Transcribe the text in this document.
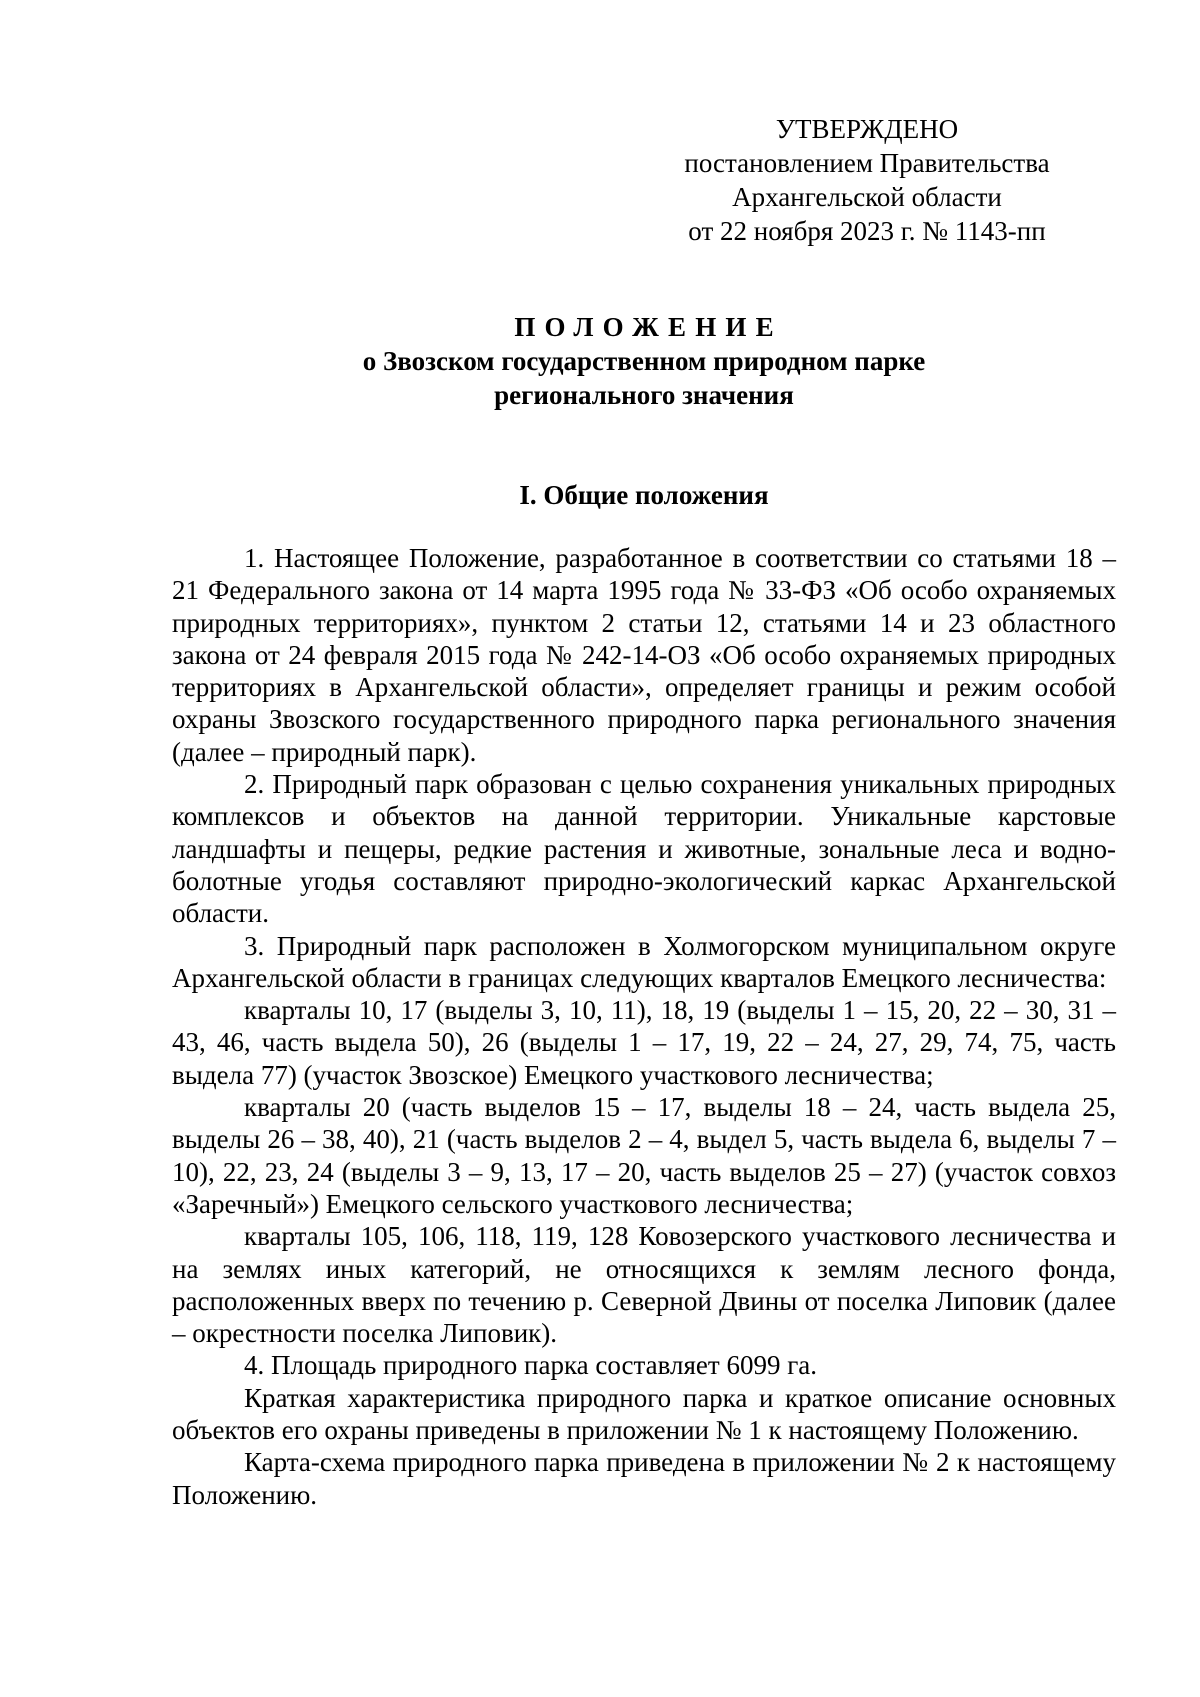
УТВЕРЖДЕНО
постановлением Правительства
Архангельской области
от 22 ноября 2023 г. № 1143-пп
ПОЛОЖЕНИЕ
о Звозском государственном природном парке
регионального значения
I. Общие положения

1. Настоящее Положение, разработанное в соответствии со статьями 18 – 21 Федерального закона от 14 марта 1995 года № 33-ФЗ «Об особо охраняемых природных территориях», пунктом 2 статьи 12, статьями 14 и 23 областного закона от 24 февраля 2015 года № 242-14-ОЗ «Об особо охраняемых природных территориях в Архангельской области», определяет границы и режим особой охраны Звозского государственного природного парка регионального значения (далее – природный парк).

2. Природный парк образован с целью сохранения уникальных природных комплексов и объектов на данной территории. Уникальные карстовые ландшафты и пещеры, редкие растения и животные, зональные леса и водно-болотные угодья составляют природно-экологический каркас Архангельской области.

3. Природный парк расположен в Холмогорском муниципальном округе Архангельской области в границах следующих кварталов Емецкого лесничества:

кварталы 10, 17 (выделы 3, 10, 11), 18, 19 (выделы 1 – 15, 20, 22 – 30, 31 – 43, 46, часть выдела 50), 26 (выделы 1 – 17, 19, 22 – 24, 27, 29, 74, 75, часть выдела 77) (участок Звозское) Емецкого участкового лесничества;

кварталы 20 (часть выделов 15 – 17, выделы 18 – 24, часть выдела 25, выделы 26 – 38, 40), 21 (часть выделов 2 – 4, выдел 5, часть выдела 6, выделы 7 – 10), 22, 23, 24 (выделы 3 – 9, 13, 17 – 20, часть выделов 25 – 27) (участок совхоз «Заречный») Емецкого сельского участкового лесничества;

кварталы 105, 106, 118, 119, 128 Ковозерского участкового лесничества и на землях иных категорий, не относящихся к землям лесного фонда, расположенных вверх по течению р. Северной Двины от поселка Липовик (далее – окрестности поселка Липовик).

4. Площадь природного парка составляет 6099 га.

Краткая характеристика природного парка и краткое описание основных объектов его охраны приведены в приложении № 1 к настоящему Положению.

Карта-схема природного парка приведена в приложении № 2 к настоящему Положению.
